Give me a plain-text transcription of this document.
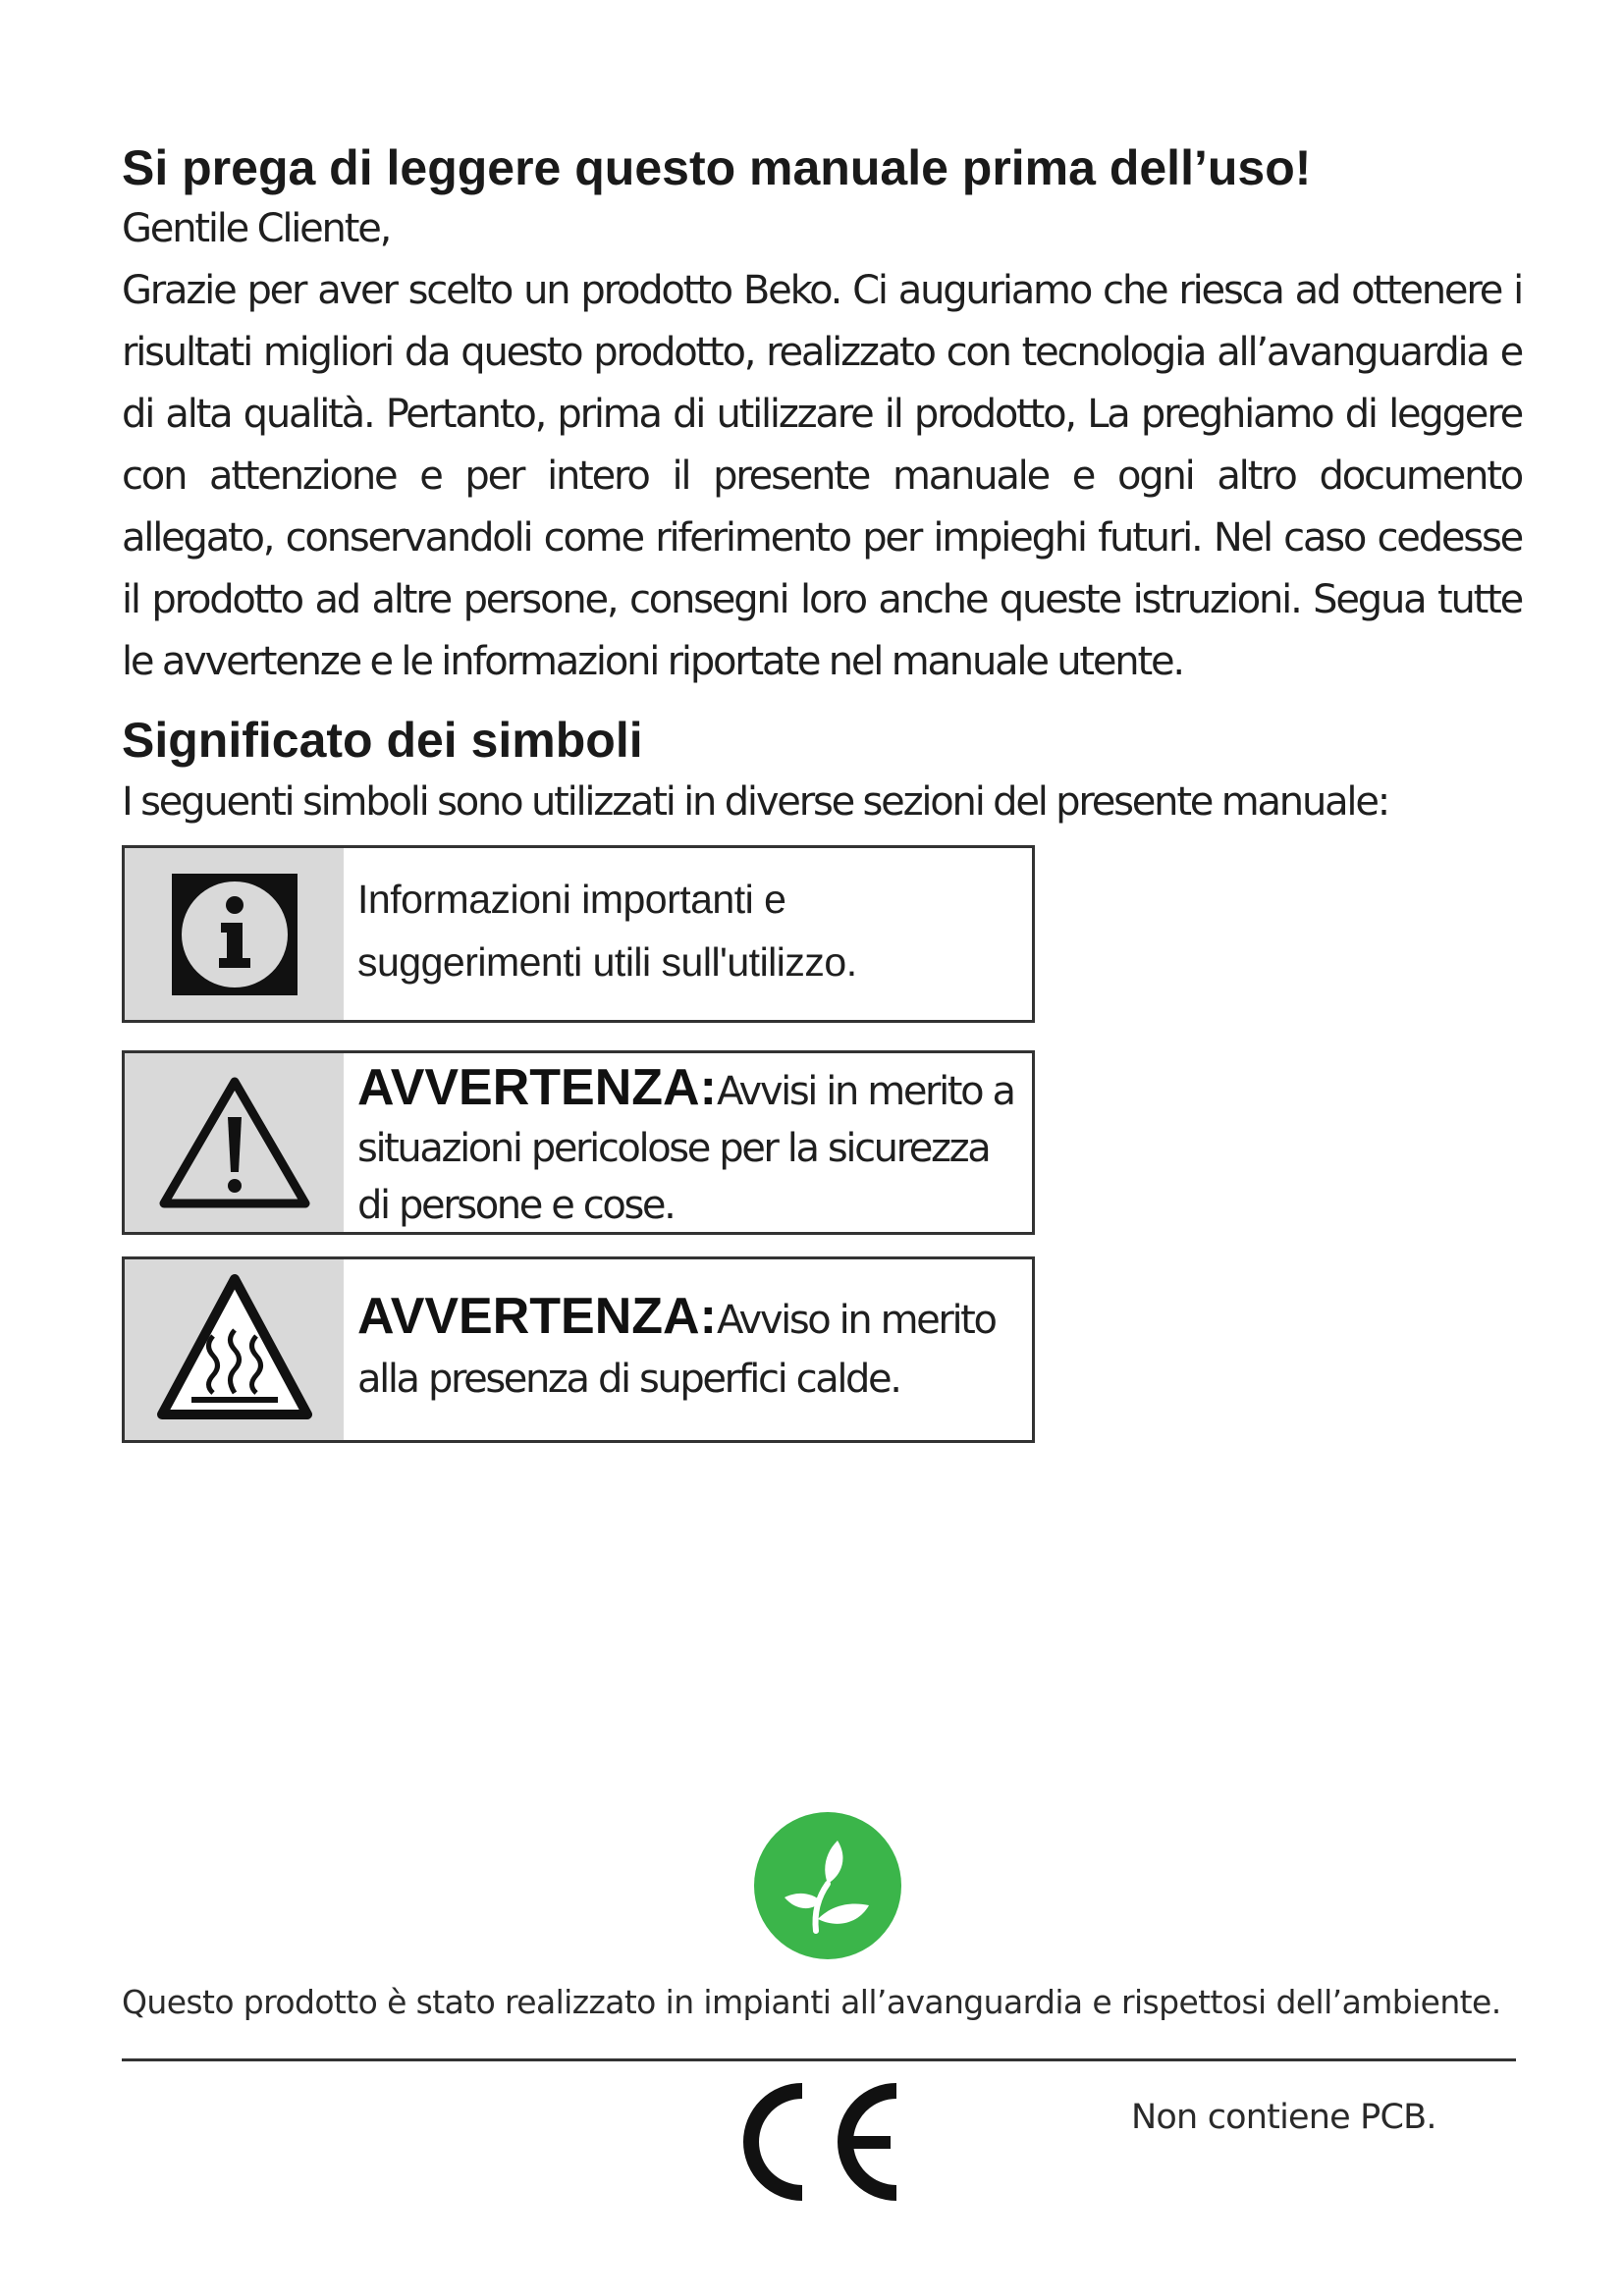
Si prega di leggere questo manuale prima dell’uso!

Gentile Cliente,

Grazie per aver scelto un prodotto Beko. Ci auguriamo che riesca ad ottenere i risultati migliori da questo prodotto, realizzato con tecnologia all’avanguardia e di alta qualità. Pertanto, prima di utilizzare il prodotto, La preghiamo di leggere con attenzione e per intero il presente manuale e ogni altro documento allegato, conservandoli come riferimento per impieghi futuri. Nel caso cedesse il prodotto ad altre persone, consegni loro anche queste istruzioni. Segua tutte le avvertenze e le informazioni riportate nel manuale utente.

Significato dei simboli

I seguenti simboli sono utilizzati in diverse sezioni del presente manuale:

Informazioni importanti e suggerimenti utili sull'utilizzo.
AVVERTENZA:Avvisi in merito a situazioni pericolose per la sicurezza di persone e cose.
AVVERTENZA:Avviso in merito alla presenza di superfici calde.
Questo prodotto è stato realizzato in impianti all’avanguardia e rispettosi dell’ambiente.
Non contiene PCB.
